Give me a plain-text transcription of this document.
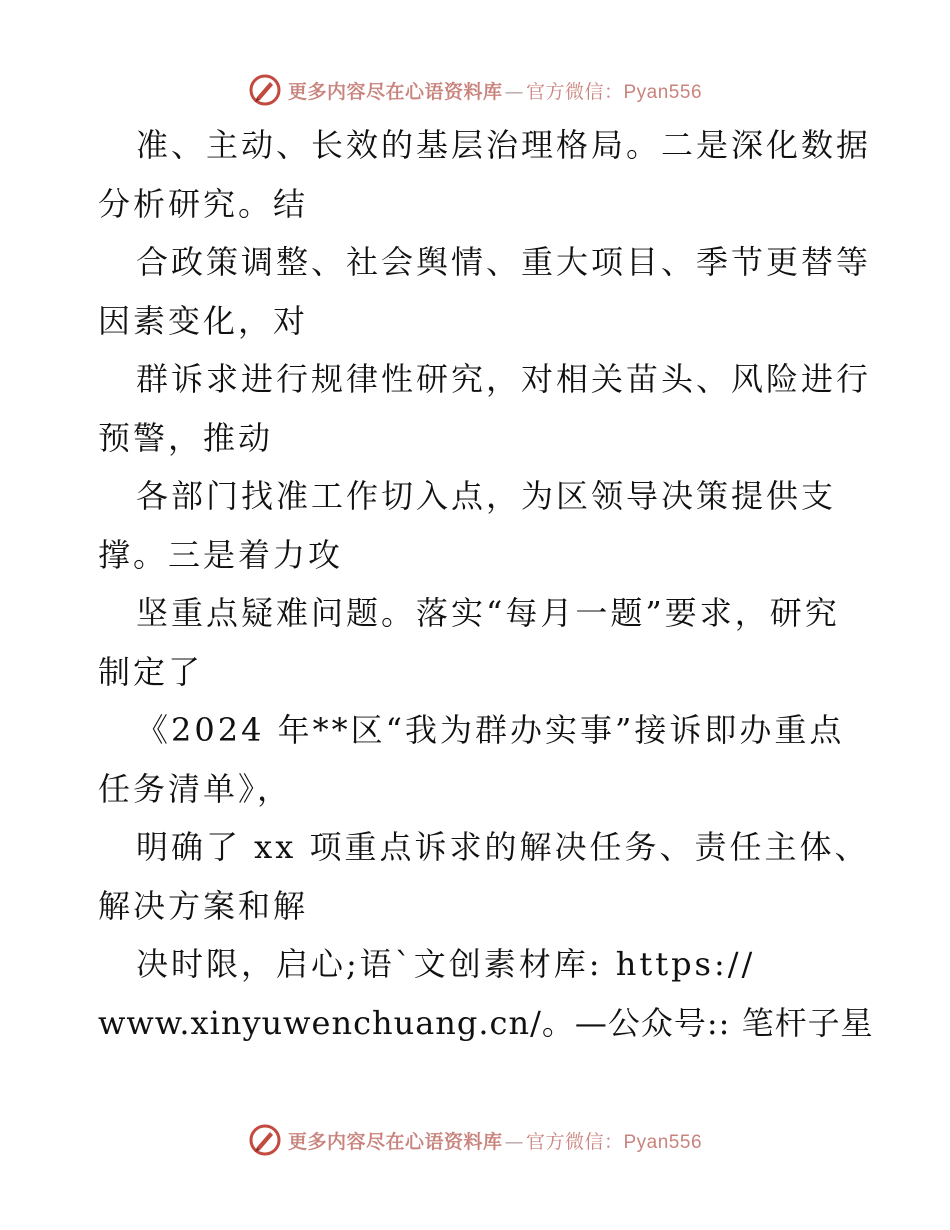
更多内容尽在心语资料库 — 官方微信：Pyan556
准、主动、长效的基层治理格局。二是深化数据
分析研究。结
合政策调整、社会舆情、重大项目、季节更替等
因素变化，对
群诉求进行规律性研究，对相关苗头、风险进行
预警，推动
各部门找准工作切入点，为区领导决策提供支
撑。三是着力攻
坚重点疑难问题。落实“每月一题”要求，研究
制定了
《2024 年**区“我为群办实事”接诉即办重点
任务清单》，
明确了 xx 项重点诉求的解决任务、责任主体、
解决方案和解
决时限，启心;语`文创素材库: https://
www.xinyuwenchuang.cn/。—公众号:: 笔杆子星
更多内容尽在心语资料库 — 官方微信：Pyan556
